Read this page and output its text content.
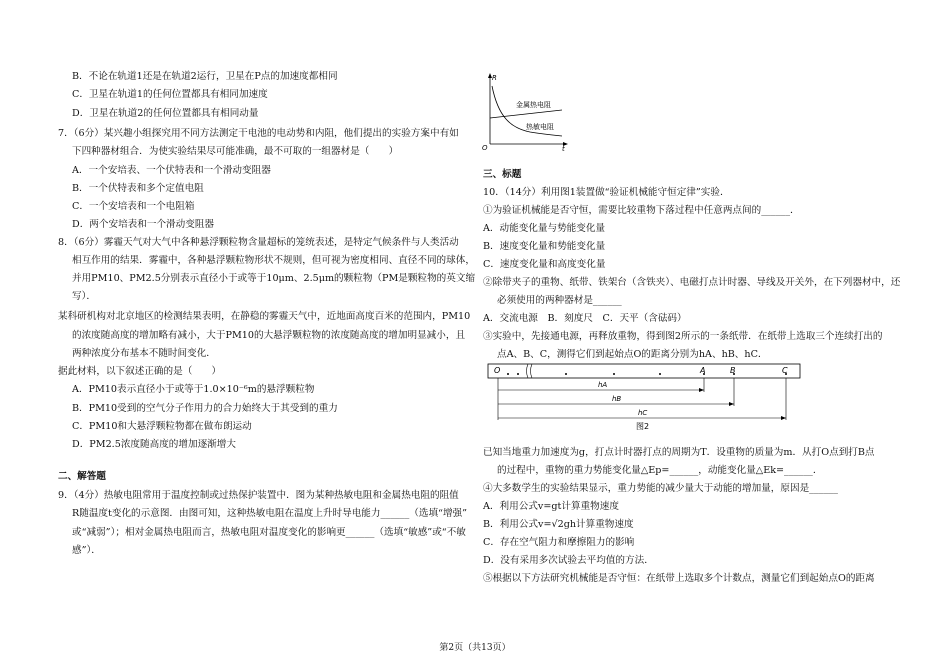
B．不论在轨道1还是在轨道2运行，卫星在P点的加速度都相同
C．卫星在轨道1的任何位置都具有相同加速度
D．卫星在轨道2的任何位置都具有相同动量
7．（6分）某兴趣小组探究用不同方法测定干电池的电动势和内阻，他们提出的实验方案中有如
下四种器材组合．为使实验结果尽可能准确，最不可取的一组器材是（　　）
A．一个安培表、一个伏特表和一个滑动变阻器
B．一个伏特表和多个定值电阻
C．一个安培表和一个电阻箱
D．两个安培表和一个滑动变阻器
8．（6分）雾霾天气对大气中各种悬浮颗粒物含量超标的笼统表述，是特定气候条件与人类活动
相互作用的结果．雾霾中，各种悬浮颗粒物形状不规则，但可视为密度相同、直径不同的球体，
并用PM10、PM2.5分别表示直径小于或等于10μm、2.5μm的颗粒物（PM是颗粒物的英文缩
写）．
某科研机构对北京地区的检测结果表明，在静稳的雾霾天气中，近地面高度百米的范围内，PM10
的浓度随高度的增加略有减小，大于PM10的大悬浮颗粒物的浓度随高度的增加明显减小，且
两种浓度分布基本不随时间变化．
据此材料，以下叙述正确的是（　　）
A．PM10表示直径小于或等于1.0×10⁻⁶m的悬浮颗粒物
B．PM10受到的空气分子作用力的合力始终大于其受到的重力
C．PM10和大悬浮颗粒物都在做布朗运动
D．PM2.5浓度随高度的增加逐渐增大
二、解答题
9．（4分）热敏电阻常用于温度控制或过热保护装置中．图为某种热敏电阻和金属热电阻的阻值
R随温度t变化的示意图．由图可知，这种热敏电阻在温度上升时导电能力______（选填“增强”
或“减弱”）；相对金属热电阻而言，热敏电阻对温度变化的影响更______（选填“敏感”或“不敏
感”）．
R
t
O
金属热电阻
热敏电阻
三、标题
10．（14分）利用图1装置做“验证机械能守恒定律”实验．
①为验证机械能是否守恒，需要比较重物下落过程中任意两点间的______．
A．动能变化量与势能变化量
B．速度变化量和势能变化量
C．速度变化量和高度变化量
②除带夹子的重物、纸带、铁架台（含铁夹）、电磁打点计时器、导线及开关外，在下列器材中，还
必须使用的两种器材是______
A．交流电源　B．刻度尺　C．天平（含砝码）
③实验中，先接通电源，再释放重物，得到图2所示的一条纸带．在纸带上选取三个连续打出的
点A、B、C，测得它们到起始点O的距离分别为hA、hB、hC．
已知当地重力加速度为g，打点计时器打点的周期为T．设重物的质量为m．从打O点到打B点
的过程中，重物的重力势能变化量△Ep=______，动能变化量△Ek=______．
④大多数学生的实验结果显示，重力势能的减少量大于动能的增加量，原因是______
A．利用公式v=gt计算重物速度
B．利用公式v=√2gh计算重物速度
C．存在空气阻力和摩擦阻力的影响
D．没有采用多次试验去平均值的方法．
⑤根据以下方法研究机械能是否守恒：在纸带上选取多个计数点，测量它们到起始点O的距离
O	A	B	C
hA
hB
hC
图2
第2页（共13页）
